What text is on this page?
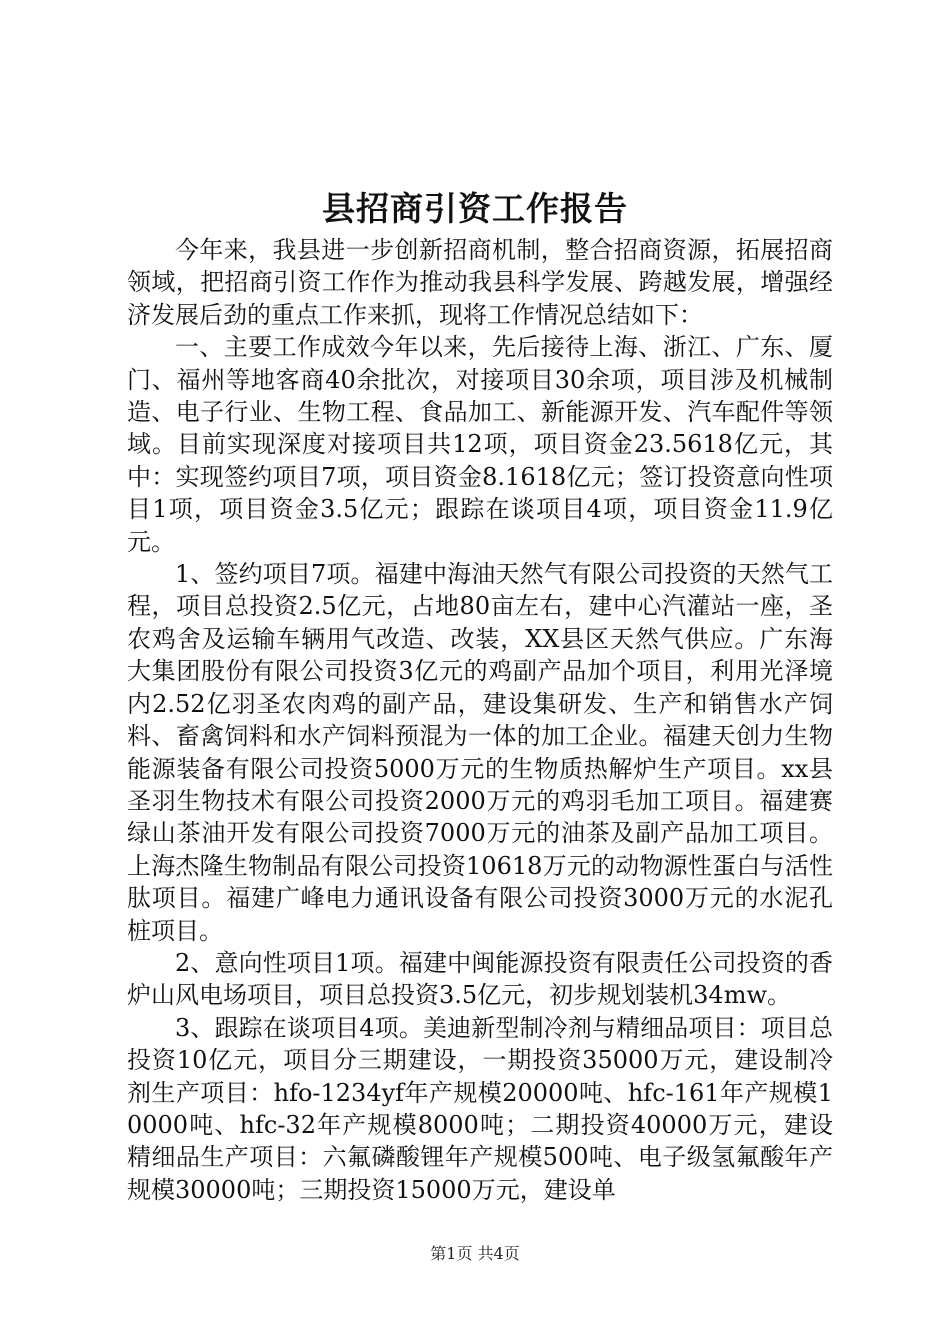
县招商引资工作报告

今年来，我县进一步创新招商机制，整合招商资源，拓展招商领域，把招商引资工作作为推动我县科学发展、跨越发展，增强经济发展后劲的重点工作来抓，现将工作情况总结如下：

一、主要工作成效今年以来，先后接待上海、浙江、广东、厦门、福州等地客商40余批次，对接项目30余项，项目涉及机械制造、电子行业、生物工程、食品加工、新能源开发、汽车配件等领域。目前实现深度对接项目共12项，项目资金23.5618亿元，其中：实现签约项目7项，项目资金8.1618亿元；签订投资意向性项目1项，项目资金3.5亿元；跟踪在谈项目4项，项目资金11.9亿元。

1、签约项目7项。福建中海油天然气有限公司投资的天然气工程，项目总投资2.5亿元，占地80亩左右，建中心汽灌站一座，圣农鸡舍及运输车辆用气改造、改装，XX县区天然气供应。广东海大集团股份有限公司投资3亿元的鸡副产品加个项目，利用光泽境内2.52亿羽圣农肉鸡的副产品，建设集研发、生产和销售水产饲料、畜禽饲料和水产饲料预混为一体的加工企业。福建天创力生物能源装备有限公司投资5000万元的生物质热解炉生产项目。xx县圣羽生物技术有限公司投资2000万元的鸡羽毛加工项目。福建赛绿山茶油开发有限公司投资7000万元的油茶及副产品加工项目。上海杰隆生物制品有限公司投资10618万元的动物源性蛋白与活性肽项目。福建广峰电力通讯设备有限公司投资3000万元的水泥孔桩项目。

2、意向性项目1项。福建中闽能源投资有限责任公司投资的香炉山风电场项目，项目总投资3.5亿元，初步规划装机34mw。

3、跟踪在谈项目4项。美迪新型制冷剂与精细品项目：项目总投资10亿元，项目分三期建设，一期投资35000万元，建设制冷剂生产项目：hfo-1234yf年产规模20000吨、hfc-161年产规模10000吨、hfc-32年产规模8000吨；二期投资40000万元，建设精细品生产项目：六氟磷酸锂年产规模500吨、电子级氢氟酸年产规模30000吨；三期投资15000万元，建设单

第1页 共4页
